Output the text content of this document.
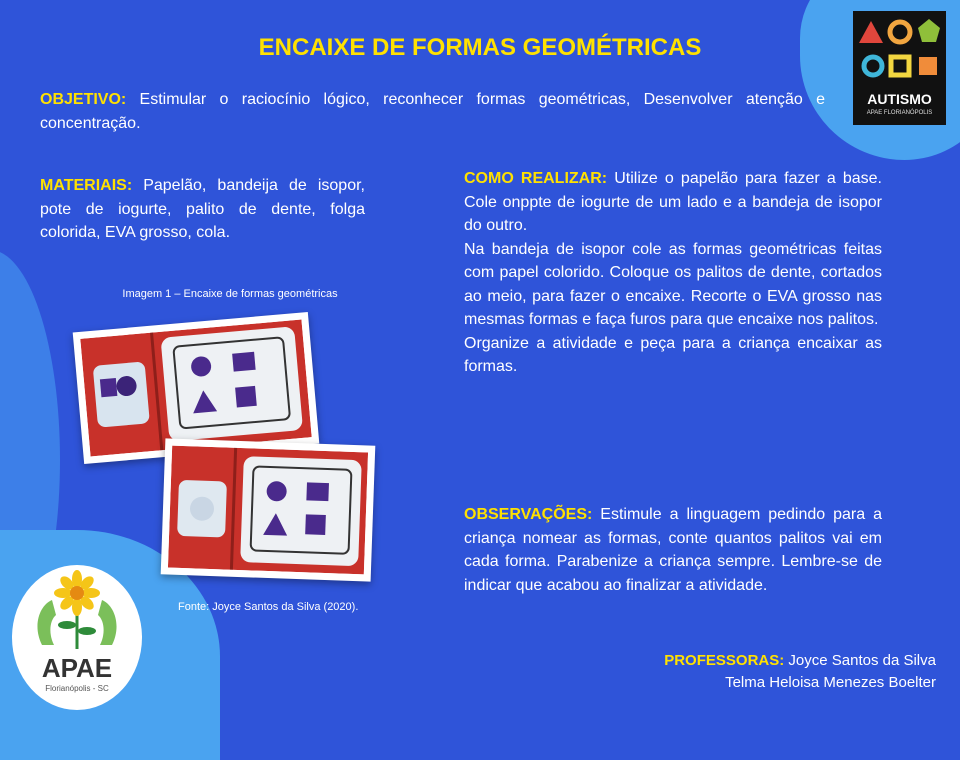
ENCAIXE DE FORMAS GEOMÉTRICAS
OBJETIVO: Estimular o raciocínio lógico, reconhecer formas geométricas, Desenvolver atenção e concentração.
MATERIAIS: Papelão, bandeija de isopor, pote de iogurte, palito de dente, folga colorida, EVA grosso, cola.
Imagem 1 – Encaixe de formas geométricas
Fonte: Joyce Santos da Silva (2020).
COMO REALIZAR: Utilize o papelão para fazer a base. Cole onppte de iogurte de um lado e a bandeja de isopor do outro.
Na bandeja de isopor cole as formas geométricas feitas com papel colorido. Coloque os palitos de dente, cortados ao meio, para fazer o encaixe. Recorte o EVA grosso nas mesmas formas e faça furos para que encaixe nos palitos.
Organize a atividade e peça para a criança encaixar as formas.
OBSERVAÇÕES: Estimule a linguagem pedindo para a criança nomear as formas, conte quantos palitos vai em cada forma. Parabenize a criança sempre. Lembre-se de indicar que acabou ao finalizar a atividade.
PROFESSORAS: Joyce Santos da Silva
Telma Heloisa Menezes Boelter
AUTISMO
APAE FLORIANÓPOLIS
APAE
Florianópolis - SC
